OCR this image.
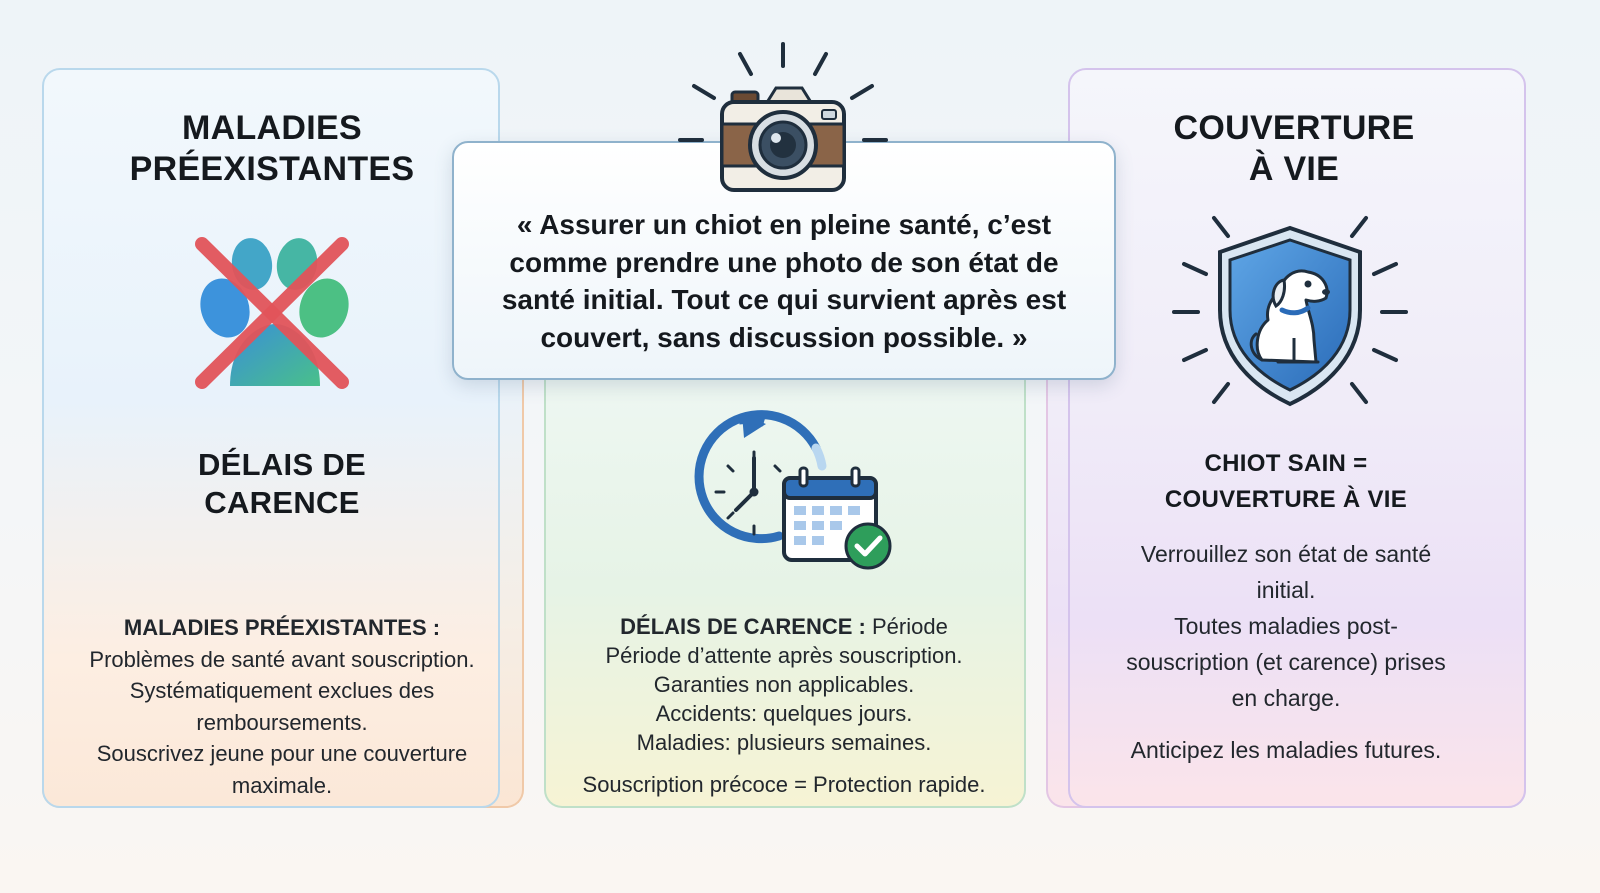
MALADIES
PRÉEXISTANTES
DÉLAIS DE
CARENCE
MALADIES PRÉEXISTANTES :
Problèmes de santé avant souscription.
Systématiquement exclues des
remboursements.
Souscrivez jeune pour une couverture
maximale.
« Assurer un chiot en pleine santé, c’est
comme prendre une photo de son état de
santé initial. Tout ce qui survient après est
couvert, sans discussion possible. »
DÉLAIS DE CARENCE : Période
Période d’attente après souscription.
Garanties non applicables.
Accidents: quelques jours.
Maladies: plusieurs semaines.
Souscription précoce = Protection rapide.
COUVERTURE
À VIE
CHIOT SAIN =
COUVERTURE À VIE
Verrouillez son état de santé
initial.
Toutes maladies post-
souscription (et carence) prises
en charge.
Anticipez les maladies futures.
